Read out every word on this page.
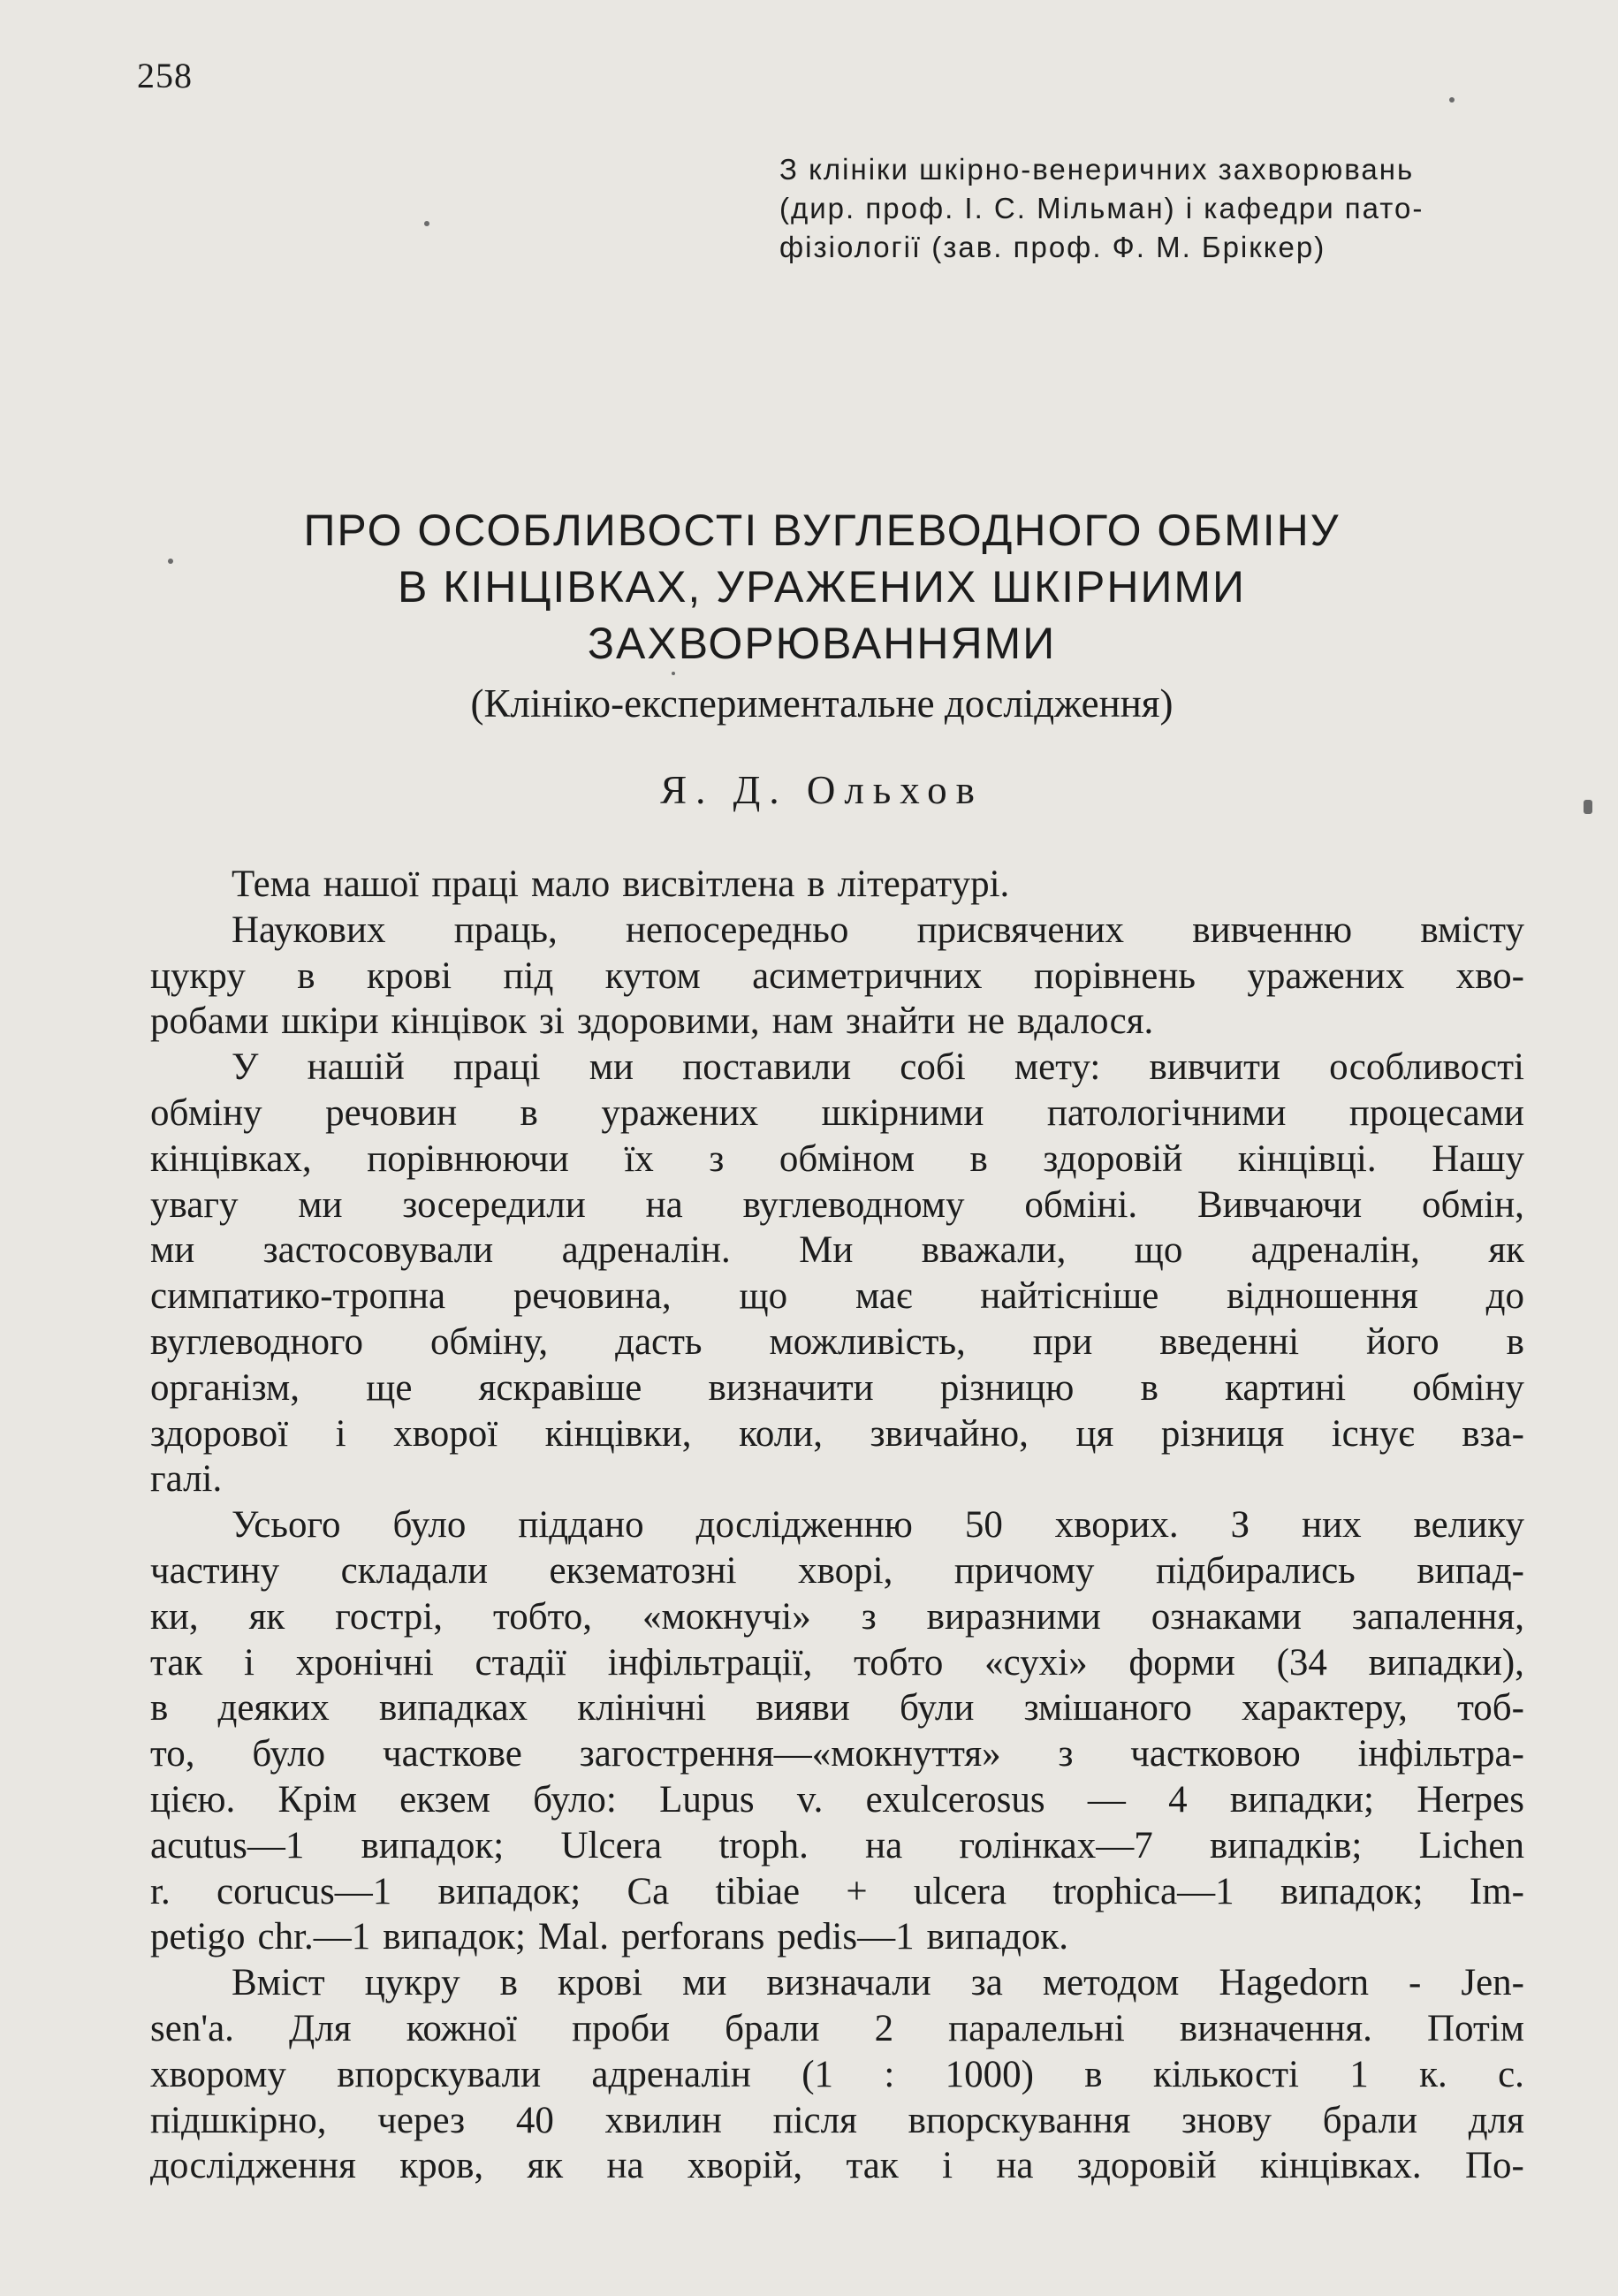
258
З клініки шкірно-венеричних захворювань
(дир. проф. І. С. Мільман) і кафедри пато-
фізіології (зав. проф. Ф. М. Бріккер)
ПРО ОСОБЛИВОСТІ ВУГЛЕВОДНОГО ОБМІНУ
В КІНЦІВКАХ, УРАЖЕНИХ ШКІРНИМИ
ЗАХВОРЮВАННЯМИ
(Клініко-експериментальне дослідження)
Я. Д. Ольхов
Тема нашої праці мало висвітлена в літературі.
Наукових праць, непосередньо присвячених вивченню вмісту
цукру в крові під кутом асиметричних порівнень уражених хво-
робами шкіри кінцівок зі здоровими, нам знайти не вдалося.
У нашій праці ми поставили собі мету: вивчити особливості
обміну речовин в уражених шкірними патологічними процесами
кінцівках, порівнюючи їх з обміном в здоровій кінцівці. Нашу
увагу ми зосередили на вуглеводному обміні. Вивчаючи обмін,
ми застосовували адреналін. Ми вважали, що адреналін, як
симпатико-тропна речовина, що має найтісніше відношення до
вуглеводного обміну, дасть можливість, при введенні його в
організм, ще яскравіше визначити різницю в картині обміну
здорової і хворої кінцівки, коли, звичайно, ця різниця існує вза-
галі.
Усього було піддано дослідженню 50 хворих. З них велику
частину складали екзематозні хворі, причому підбирались випад-
ки, як гострі, тобто, «мокнучі» з виразними ознаками запалення,
так і хронічні стадії інфільтрації, тобто «сухі» форми (34 випадки),
в деяких випадках клінічні вияви були змішаного характеру, тоб-
то, було часткове загострення—«мокнуття» з частковою інфільтра-
цією. Крім екзем було: Lupus v. exulcerosus — 4 випадки; Herpes
acutus—1 випадок; Ulcera troph. на голінках—7 випадків; Lichen
r. corucus—1 випадок; Ca tibiae + ulcera trophica—1 випадок; Im-
petigo chr.—1 випадок; Mal. perforans pedis—1 випадок.
Вміст цукру в крові ми визначали за методом Hagedorn - Jen-
sen'a. Для кожної проби брали 2 паралельні визначення. Потім
хворому впорскували адреналін (1 : 1000) в кількості 1 к. с.
підшкірно, через 40 хвилин після впорскування знову брали для
дослідження кров, як на хворій, так і на здоровій кінцівках. По-
